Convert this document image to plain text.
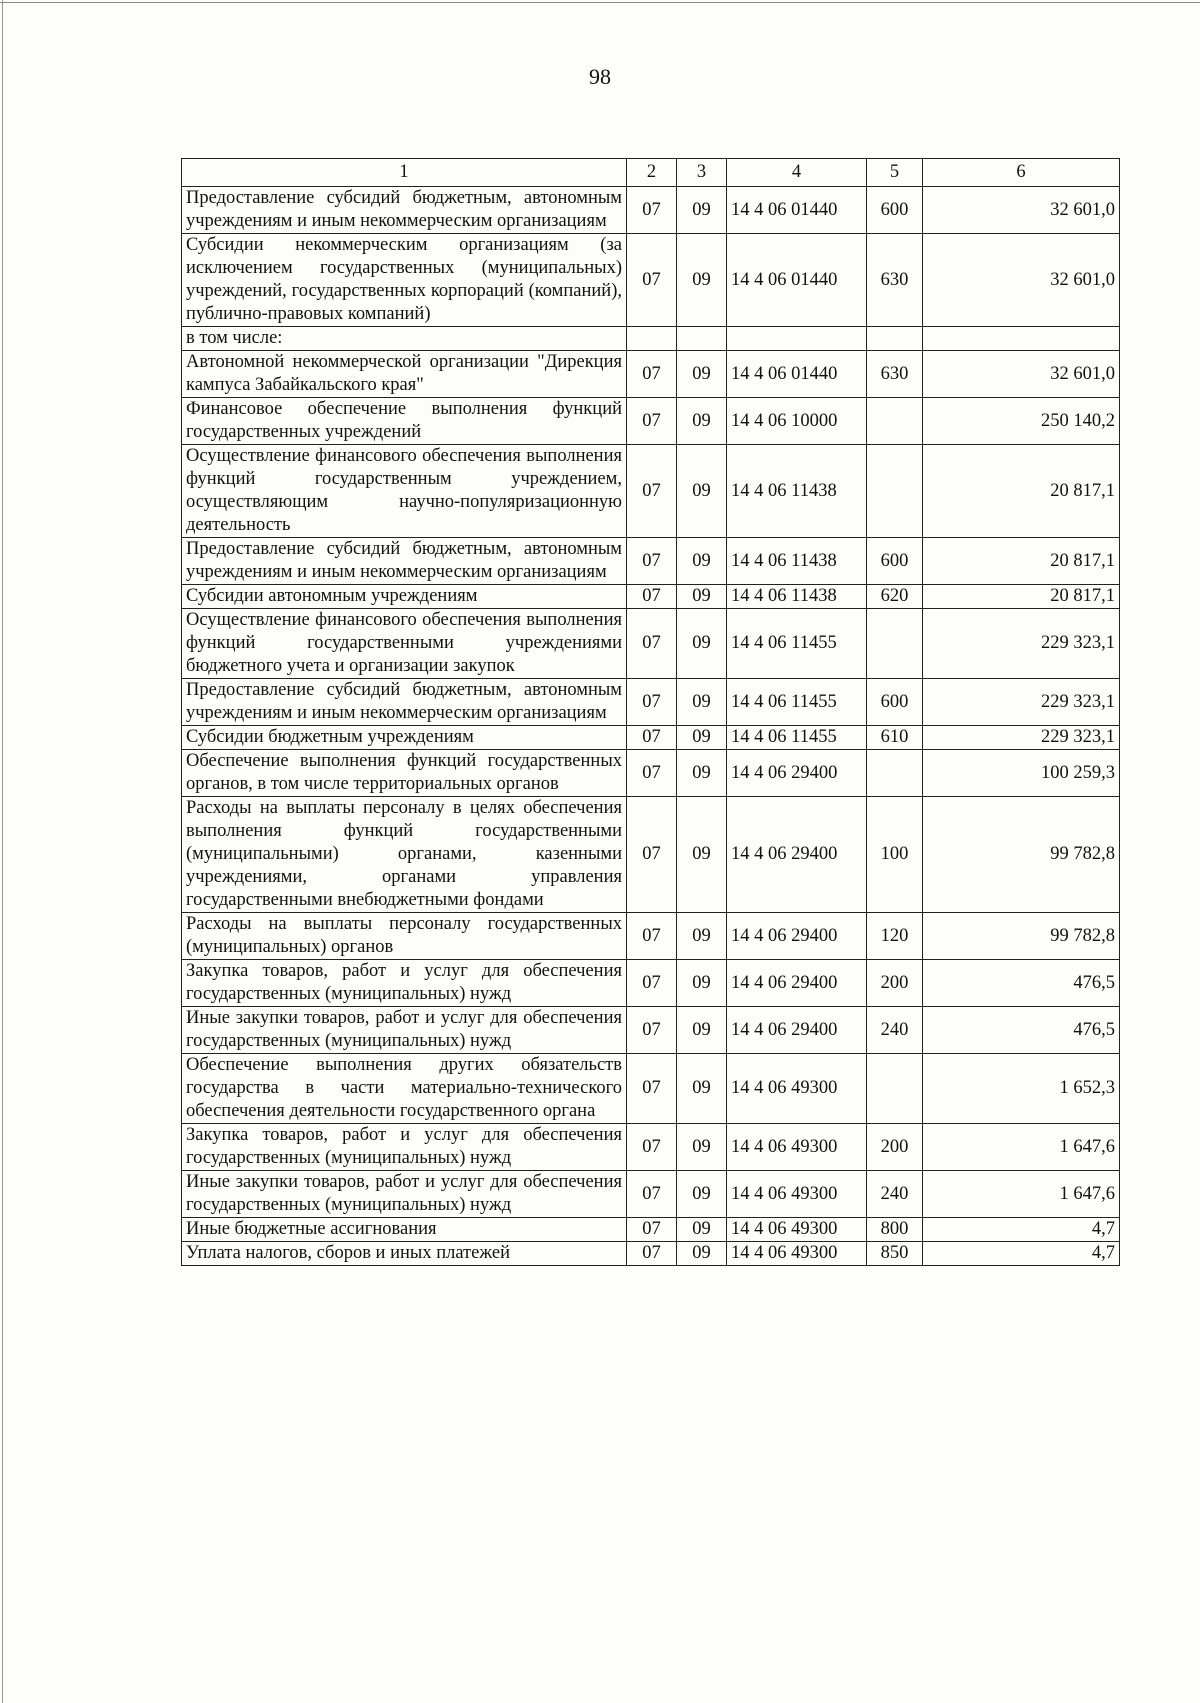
98
1	2	3	4	5	6
Предоставление субсидий бюджетным, автономным учреждениям и иным некоммерческим организациям	07	09	14 4 06 01440	600	32 601,0
Субсидии некоммерческим организациям (за исключением государственных (муниципальных) учреждений, государственных корпораций (компаний), публично-правовых компаний)	07	09	14 4 06 01440	630	32 601,0
в том числе:					
Автономной некоммерческой организации "Дирекция кампуса Забайкальского края"	07	09	14 4 06 01440	630	32 601,0
Финансовое обеспечение выполнения функций государственных учреждений	07	09	14 4 06 10000		250 140,2
Осуществление финансового обеспечения выполнения функций государственным учреждением, осуществляющим научно-популяризационную деятельность	07	09	14 4 06 11438		20 817,1
Предоставление субсидий бюджетным, автономным учреждениям и иным некоммерческим организациям	07	09	14 4 06 11438	600	20 817,1
Субсидии автономным учреждениям	07	09	14 4 06 11438	620	20 817,1
Осуществление финансового обеспечения выполнения функций государственными учреждениями бюджетного учета и организации закупок	07	09	14 4 06 11455		229 323,1
Предоставление субсидий бюджетным, автономным учреждениям и иным некоммерческим организациям	07	09	14 4 06 11455	600	229 323,1
Субсидии бюджетным учреждениям	07	09	14 4 06 11455	610	229 323,1
Обеспечение выполнения функций государственных органов, в том числе территориальных органов	07	09	14 4 06 29400		100 259,3
Расходы на выплаты персоналу в целях обеспечения выполнения функций государственными (муниципальными) органами, казенными учреждениями, органами управления государственными внебюджетными фондами	07	09	14 4 06 29400	100	99 782,8
Расходы на выплаты персоналу государственных (муниципальных) органов	07	09	14 4 06 29400	120	99 782,8
Закупка товаров, работ и услуг для обеспечения государственных (муниципальных) нужд	07	09	14 4 06 29400	200	476,5
Иные закупки товаров, работ и услуг для обеспечения государственных (муниципальных) нужд	07	09	14 4 06 29400	240	476,5
Обеспечение выполнения других обязательств государства в части материально-технического обеспечения деятельности государственного органа	07	09	14 4 06 49300		1 652,3
Закупка товаров, работ и услуг для обеспечения государственных (муниципальных) нужд	07	09	14 4 06 49300	200	1 647,6
Иные закупки товаров, работ и услуг для обеспечения государственных (муниципальных) нужд	07	09	14 4 06 49300	240	1 647,6
Иные бюджетные ассигнования	07	09	14 4 06 49300	800	4,7
Уплата налогов, сборов и иных платежей	07	09	14 4 06 49300	850	4,7
